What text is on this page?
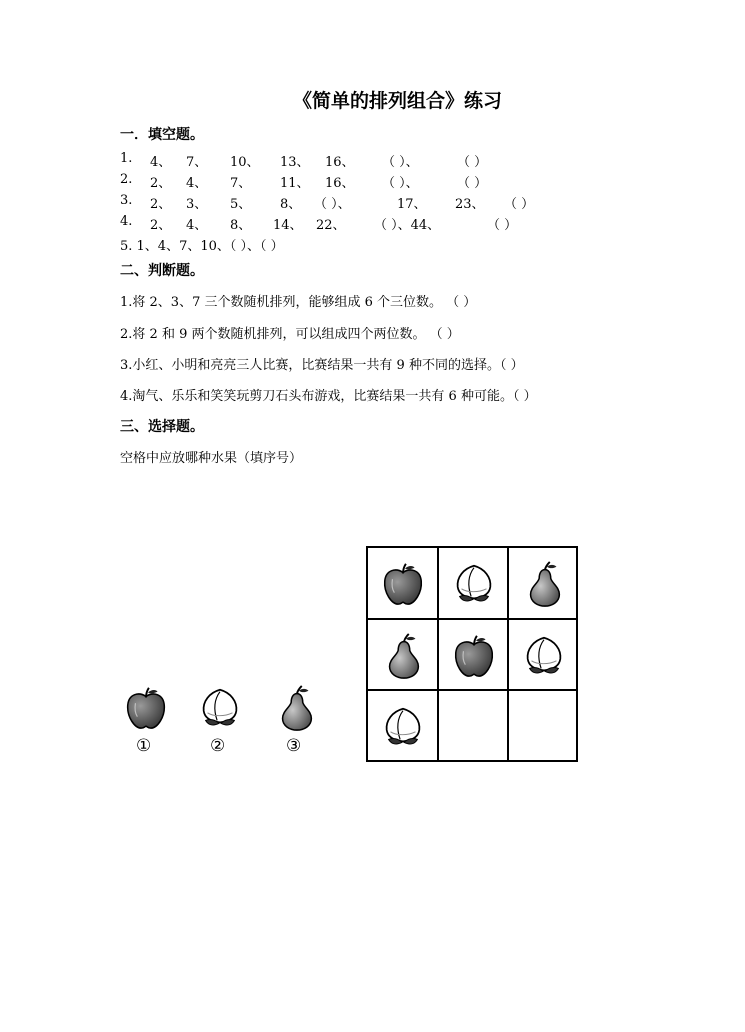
《简单的排列组合》练习
一．填空题。
1. 4、 7、 10、 13、 16、 （ ）、	（ ）
2. 2、 4、 7、 11、 16、 （ ）、	（ ）
3. 2、 3、 5、 8、 （ ）、	17、 23、 （ ）
4. 2、 4、 8、 14、 22、 （ ）、44、	（ ）
5. 1、4、7、10、（ ）、（ ）
二、判断题。
1.将 2、3、7 三个数随机排列，能够组成 6 个三位数。 （ ）
2.将 2 和 9 两个数随机排列，可以组成四个两位数。 （ ）
3.小红、小明和亮亮三人比赛，比赛结果一共有 9 种不同的选择。（ ）
4.淘气、乐乐和笑笑玩剪刀石头布游戏，比赛结果一共有 6 种可能。（ ）
三、选择题。
空格中应放哪种水果（填序号）
①	②	③
